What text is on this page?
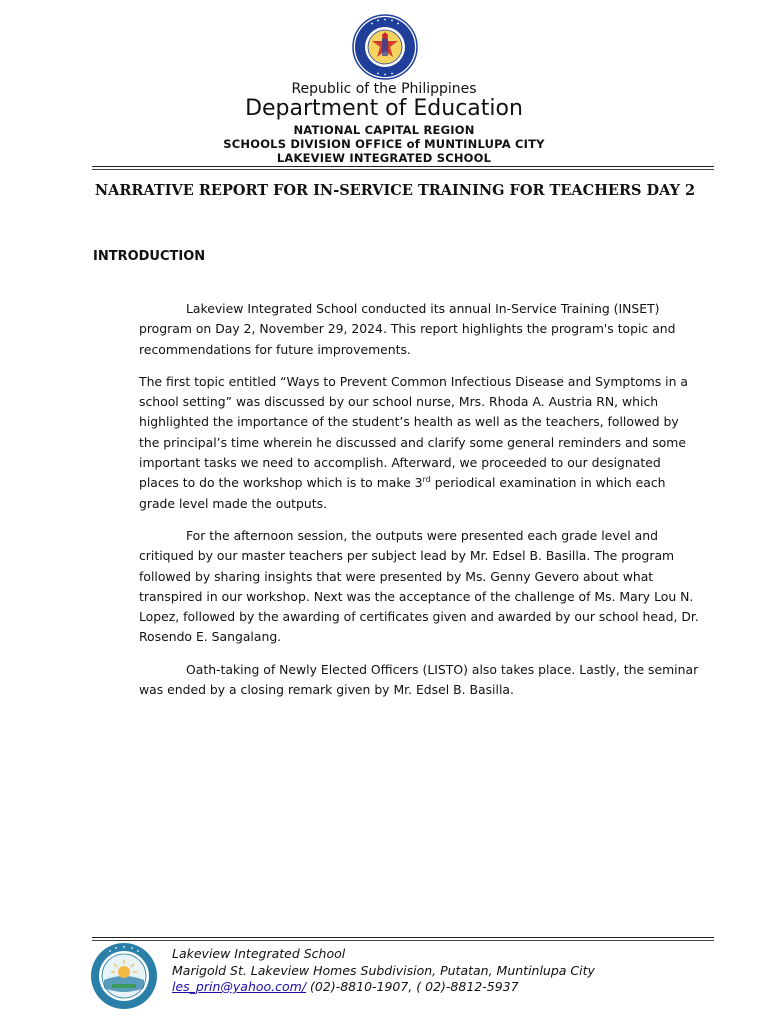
Republic of the Philippines
Department of Education
NATIONAL CAPITAL REGION
SCHOOLS DIVISION OFFICE of MUNTINLUPA CITY
LAKEVIEW INTEGRATED SCHOOL
NARRATIVE REPORT FOR IN-SERVICE TRAINING FOR TEACHERS DAY 2
INTRODUCTION

Lakeview Integrated School conducted its annual In-Service Training (INSET) program on Day 2, November 29, 2024. This report highlights the program's topic and recommendations for future improvements.

The first topic entitled “Ways to Prevent Common Infectious Disease and Symptoms in a school setting” was discussed by our school nurse, Mrs. Rhoda A. Austria RN, which highlighted the importance of the student’s health as well as the teachers, followed by the principal’s time wherein he discussed and clarify some general reminders and some important tasks we need to accomplish. Afterward, we proceeded to our designated places to do the workshop which is to make 3rd periodical examination in which each grade level made the outputs.

For the afternoon session, the outputs were presented each grade level and critiqued by our master teachers per subject lead by Mr. Edsel B. Basilla. The program followed by sharing insights that were presented by Ms. Genny Gevero about what transpired in our workshop. Next was the acceptance of the challenge of Ms. Mary Lou N. Lopez, followed by the awarding of certificates given and awarded by our school head, Dr. Rosendo E. Sangalang.

Oath-taking of Newly Elected Officers (LISTO) also takes place. Lastly, the seminar was ended by a closing remark given by Mr. Edsel B. Basilla.

Lakeview Integrated School
Marigold St. Lakeview Homes Subdivision, Putatan, Muntinlupa City
les_prin@yahoo.com/ (02)-8810-1907, ( 02)-8812-5937
